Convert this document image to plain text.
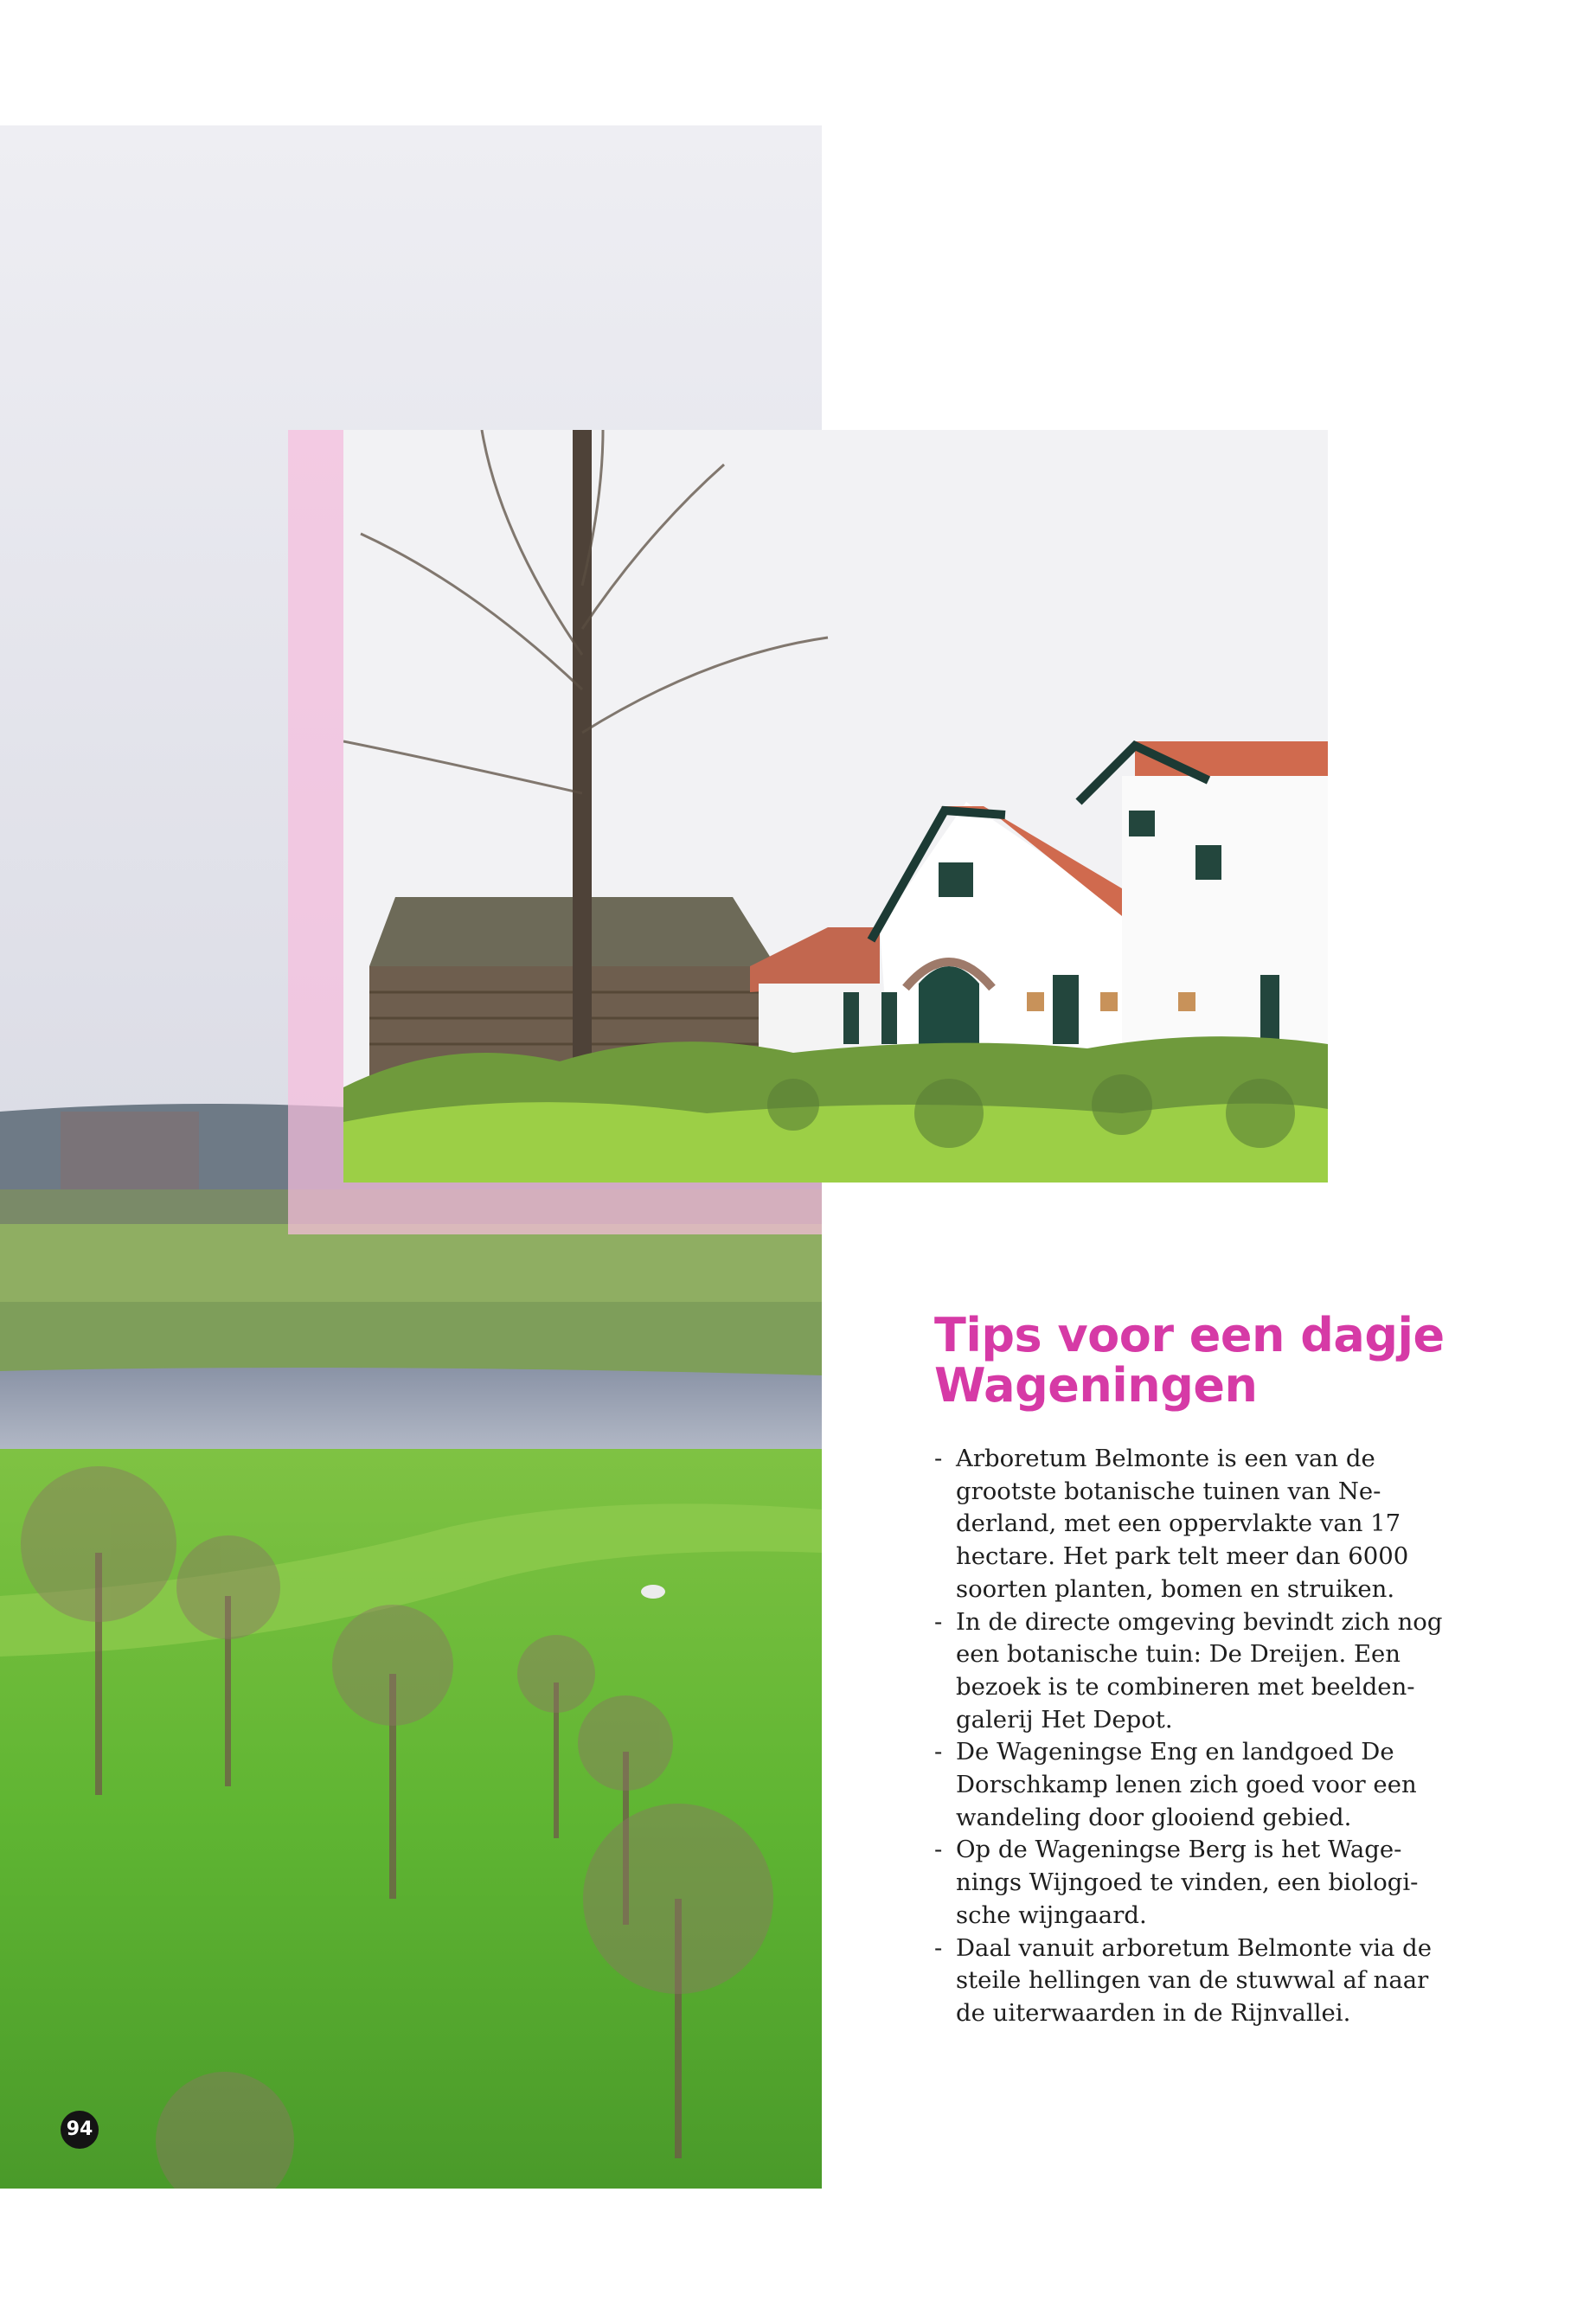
Tips voor een dagje Wageningen
- Arboretum Belmonte is een van de grootste botanische tuinen van Ne-derland, met een oppervlakte van 17 hectare. Het park telt meer dan 6000 soorten planten, bomen en struiken.
- In de directe omgeving bevindt zich nog een botanische tuin: De Dreijen. Een bezoek is te combineren met beelden-galerij Het Depot.
- De Wageningse Eng en landgoed De Dorschkamp lenen zich goed voor een wandeling door glooiend gebied.
- Op de Wageningse Berg is het Wage-nings Wijngoed te vinden, een biologi-sche wijngaard.
- Daal vanuit arboretum Belmonte via de steile hellingen van de stuwwal af naar de uiterwaarden in de Rijnvallei.
94
